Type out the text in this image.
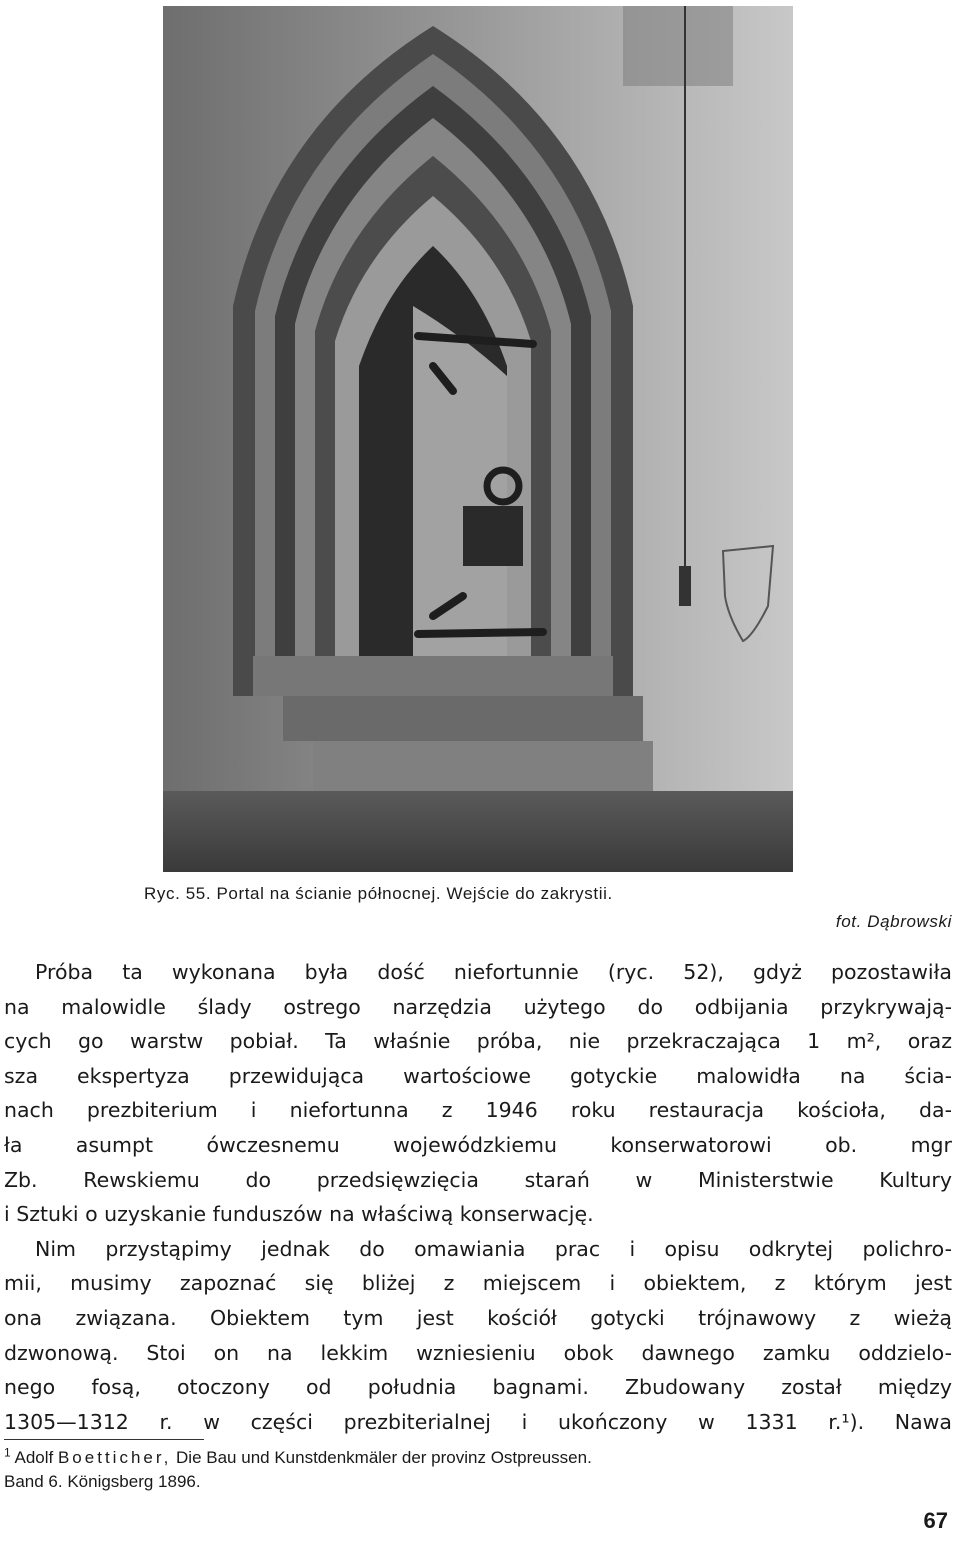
Ryc. 55. Portal na ścianie północnej. Wejście do zakrystii.
fot. Dąbrowski

Próba ta wykonana była dość niefortunnie (ryc. 52), gdyż pozostawiła
na malowidle ślady ostrego narzędzia użytego do odbijania przykrywają-
cych go warstw pobiał. Ta właśnie próba, nie przekraczająca 1 m², oraz
sza ekspertyza przewidująca wartościowe gotyckie malowidła na ścia-
nach prezbiterium i niefortunna z 1946 roku restauracja kościoła, da-
ła asumpt ówczesnemu wojewódzkiemu konserwatorowi ob. mgr
Zb. Rewskiemu do przedsięwzięcia starań w Ministerstwie Kultury
i Sztuki o uzyskanie funduszów na właściwą konserwację.

Nim przystąpimy jednak do omawiania prac i opisu odkrytej polichro-
mii, musimy zapoznać się bliżej z miejscem i obiektem, z którym jest
ona związana. Obiektem tym jest kościół gotycki trójnawowy z wieżą
dzwonową. Stoi on na lekkim wzniesieniu obok dawnego zamku oddzielo-
nego fosą, otoczony od południa bagnami. Zbudowany został między
1305—1312 r. w części prezbiterialnej i ukończony w 1331 r.¹). Nawa

$^1$ Adolf Boetticher, Die Bau und Kunstdenkmäler der provinz Ostpreussen.
Band 6. Königsberg 1896.
67
